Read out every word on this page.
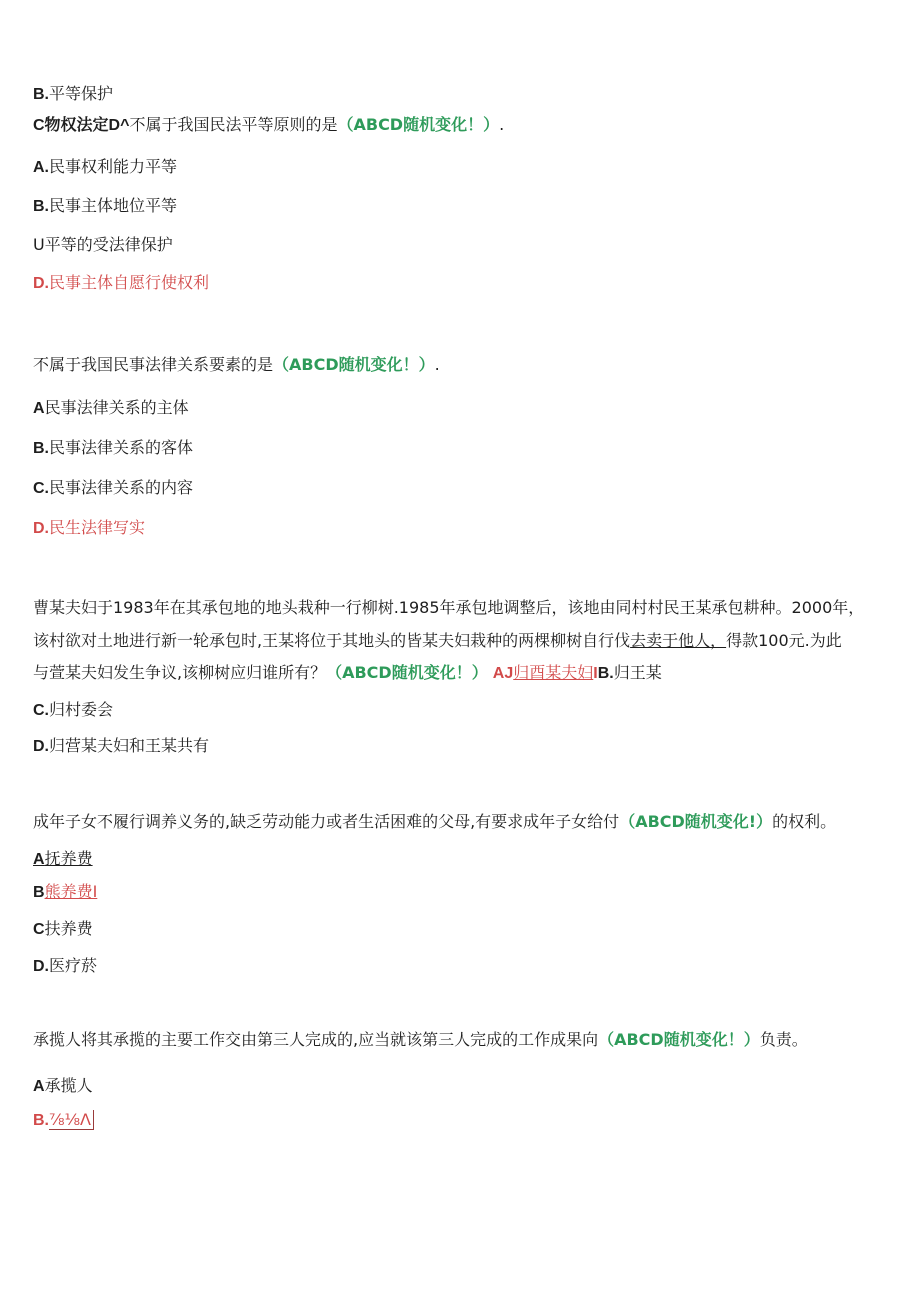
B.平等保护
C物权法定D^不属于我国民法平等原则的是（ABCD随机变化！）.
A.民事权利能力平等
B.民事主体地位平等
U平等的受法律保护
D.民事主体自愿行使权利
不属于我国民事法律关系要素的是（ABCD随机变化！）.
A民事法律关系的主体
B.民事法律关系的客体
C.民事法律关系的内容
D.民生法律写实
曹某夫妇于1983年在其承包地的地头栽种一行柳树.1985年承包地调整后，该地由同村村民王某承包耕种。2000年，
该村欲对土地进行新一轮承包时,王某将位于其地头的皆某夫妇栽种的两棵柳树自行伐去卖于他人，得款100元.为此
与萱某夫妇发生争议,该柳树应归谁所有？（ABCD随机变化！） AJ归酉某夫妇IB.归王某
C.归村委会
D.归营某夫妇和王某共有
成年子女不履行调养义务的,缺乏劳动能力或者生活困难的父母,有要求成年子女给付（ABCD随机变化!）的权利。
A抚养费
B熊养费I
C扶养费
D.医疗菸
承揽人将其承揽的主要工作交由第三人完成的,应当就该第三人完成的工作成果向（ABCD随机变化！）负责。
A承揽人
B.⅞⅛Λ
